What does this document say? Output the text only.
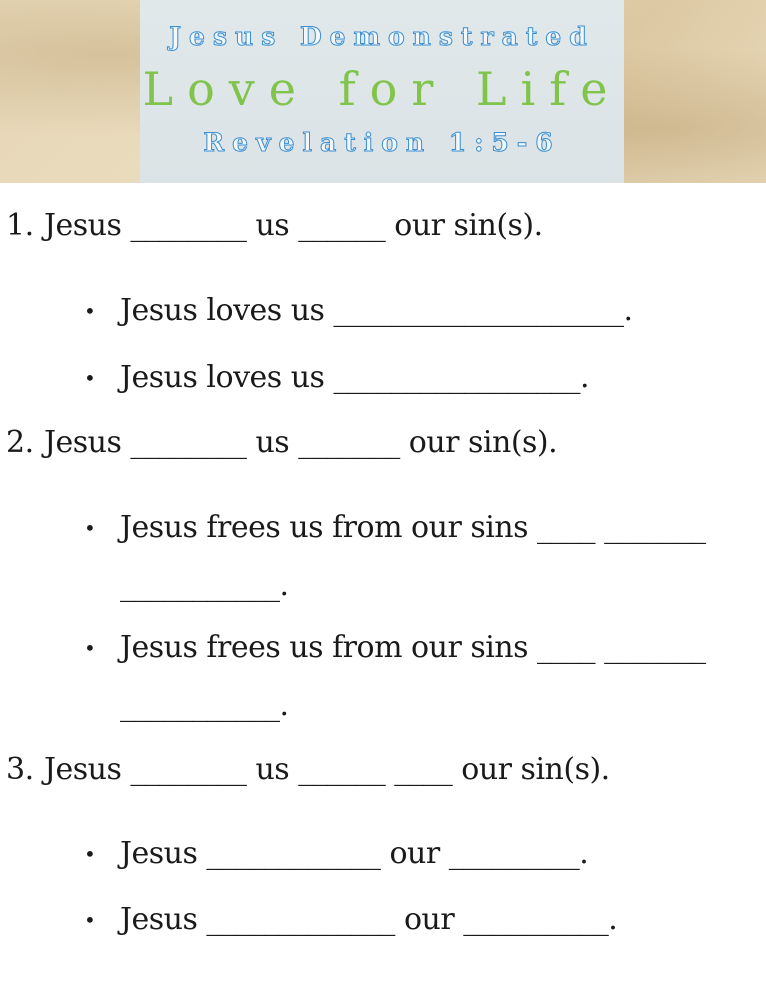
Jesus Demonstrated
Love for Life
Revelation 1:5-6
1. Jesus ________ us ______ our sin(s).
• Jesus loves us ____________________.
• Jesus loves us _________________.
2. Jesus ________ us _______ our sin(s).
• Jesus frees us from our sins ____ _______
___________.
• Jesus frees us from our sins ____ _______
___________.
3. Jesus ________ us ______ ____ our sin(s).
• Jesus ____________ our _________.
• Jesus _____________ our __________.
